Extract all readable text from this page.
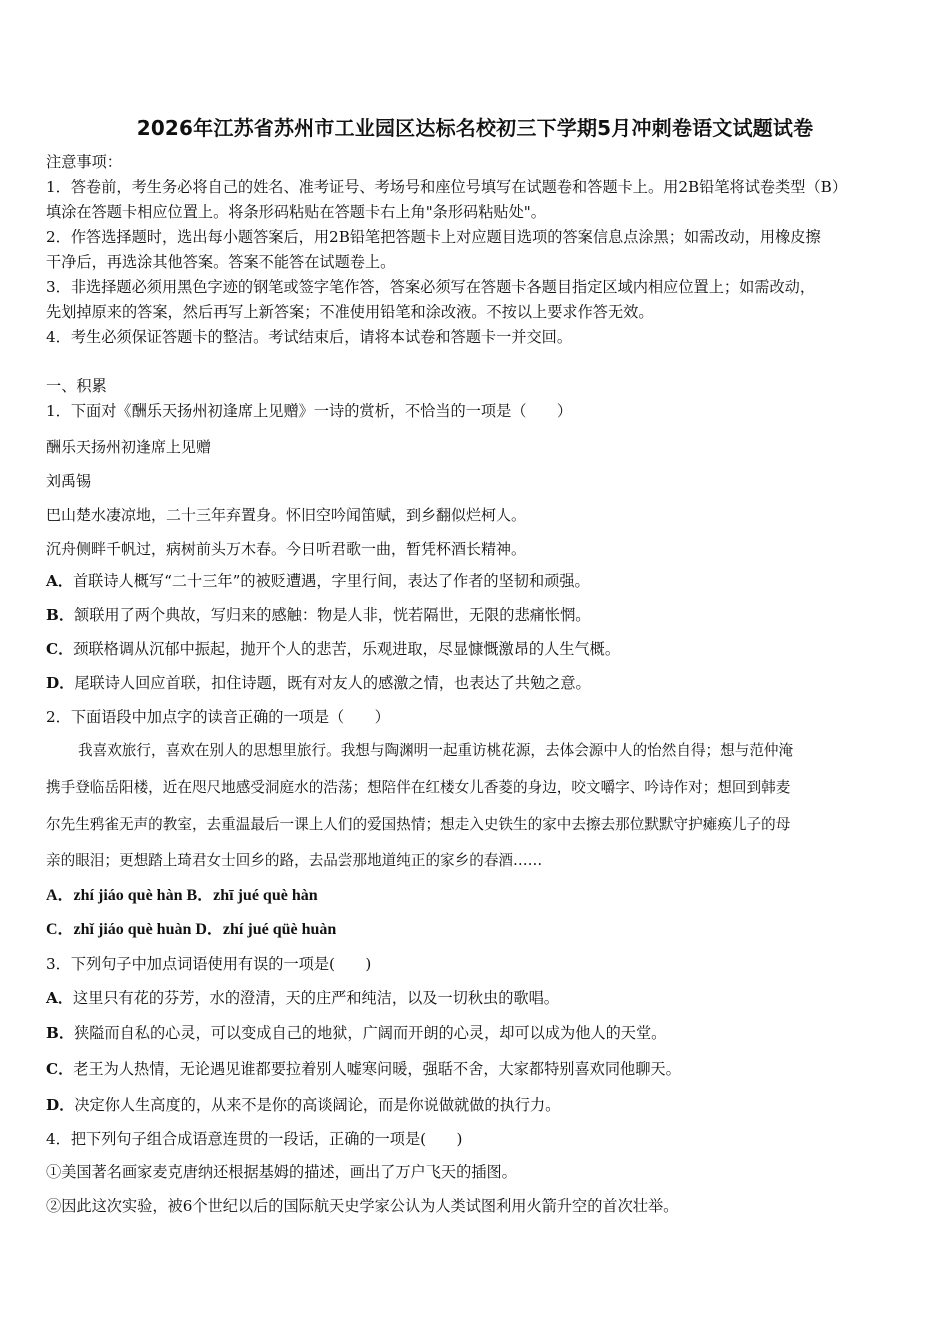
2026年江苏省苏州市工业园区达标名校初三下学期5月冲刺卷语文试题试卷
注意事项：
1．答卷前，考生务必将自己的姓名、准考证号、考场号和座位号填写在试题卷和答题卡上。用2B铅笔将试卷类型（B）
填涂在答题卡相应位置上。将条形码粘贴在答题卡右上角"条形码粘贴处"。
2．作答选择题时，选出每小题答案后，用2B铅笔把答题卡上对应题目选项的答案信息点涂黑；如需改动，用橡皮擦
干净后，再选涂其他答案。答案不能答在试题卷上。
3．非选择题必须用黑色字迹的钢笔或签字笔作答，答案必须写在答题卡各题目指定区域内相应位置上；如需改动，
先划掉原来的答案，然后再写上新答案；不准使用铅笔和涂改液。不按以上要求作答无效。
4．考生必须保证答题卡的整洁。考试结束后，请将本试卷和答题卡一并交回。
一、积累
1．下面对《酬乐天扬州初逢席上见赠》一诗的赏析，不恰当的一项是（　　）
酬乐天扬州初逢席上见赠
刘禹锡
巴山楚水凄凉地，二十三年弃置身。怀旧空吟闻笛赋，到乡翻似烂柯人。
沉舟侧畔千帆过，病树前头万木春。今日听君歌一曲，暂凭杯酒长精神。
A．首联诗人概写“二十三年”的被贬遭遇，字里行间，表达了作者的坚韧和顽强。
B．颔联用了两个典故，写归来的感触：物是人非，恍若隔世，无限的悲痛怅惘。
C．颈联格调从沉郁中振起，抛开个人的悲苦，乐观进取，尽显慷慨激昂的人生气概。
D．尾联诗人回应首联，扣住诗题，既有对友人的感激之情，也表达了共勉之意。
2．下面语段中加点字的读音正确的一项是（　　）
我喜欢旅行，喜欢在别人的思想里旅行。我想与陶渊明一起重访桃花源，去体会源中人的怡然自得；想与范仲淹
携手登临岳阳楼，近在咫尺地感受洞庭水的浩荡；想陪伴在红楼女儿香菱的身边，咬文嚼字、吟诗作对；想回到韩麦
尔先生鸦雀无声的教室，去重温最后一课上人们的爱国热情；想走入史铁生的家中去擦去那位默默守护瘫痪儿子的母
亲的眼泪；更想踏上琦君女士回乡的路，去品尝那地道纯正的家乡的春酒……
A．zhí jiáo què hàn B．zhī jué què hàn
C．zhǐ jiáo què huàn D．zhí jué qüè huàn
3．下列句子中加点词语使用有误的一项是(　　)
A．这里只有花的芬芳，水的澄清，天的庄严和纯洁，以及一切秋虫的歌唱。
B．狭隘而自私的心灵，可以变成自己的地狱，广阔而开朗的心灵，却可以成为他人的天堂。
C．老王为人热情，无论遇见谁都要拉着别人嘘寒问暖，强聒不舍，大家都特别喜欢同他聊天。
D．决定你人生高度的，从来不是你的高谈阔论，而是你说做就做的执行力。
4．把下列句子组合成语意连贯的一段话，正确的一项是(　　)
①美国著名画家麦克唐纳还根据基姆的描述，画出了万户飞天的插图。
②因此这次实验，被6个世纪以后的国际航天史学家公认为人类试图利用火箭升空的首次壮举。
